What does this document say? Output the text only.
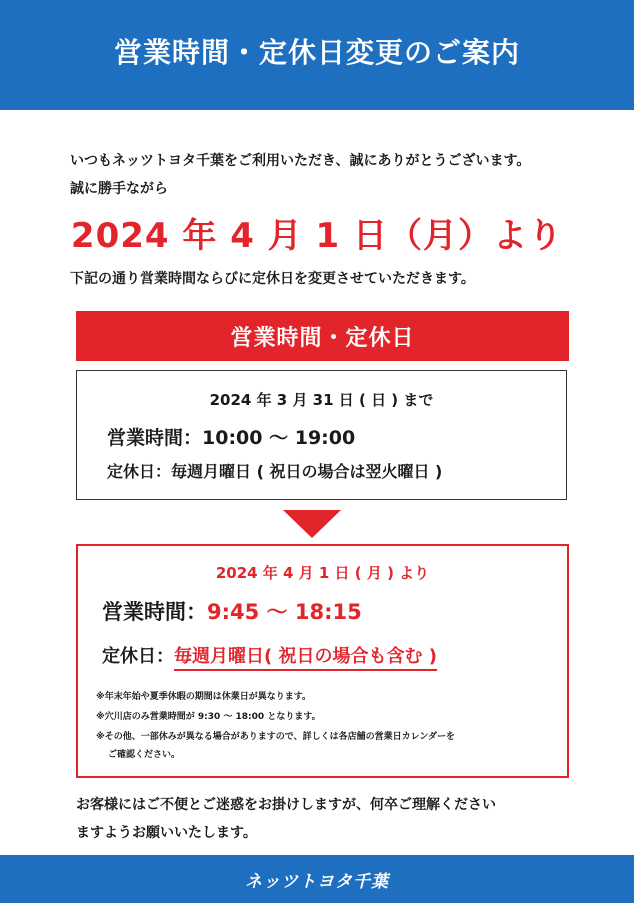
営業時間・定休日変更のご案内
いつもネッツトヨタ千葉をご利用いただき、誠にありがとうございます。
誠に勝手ながら
2024 年 4 月 1 日（月）より
下記の通り営業時間ならびに定休日を変更させていただきます。
営業時間・定休日
2024 年 3 月 31 日 ( 日 ) まで
営業時間：10:00 ～ 19:00
定休日：毎週月曜日 ( 祝日の場合は翌火曜日 )
2024 年 4 月 1 日 ( 月 ) より
営業時間：9:45 ～ 18:15
定休日：毎週月曜日( 祝日の場合も含む )
※年末年始や夏季休暇の期間は休業日が異なります。
※穴川店のみ営業時間が 9:30 ～ 18:00 となります。
※その他、一部休みが異なる場合がありますので、詳しくは各店舗の営業日カレンダーを
ご確認ください。
お客様にはご不便とご迷惑をお掛けしますが、何卒ご理解ください
ますようお願いいたします。
ネッツトヨタ千葉
